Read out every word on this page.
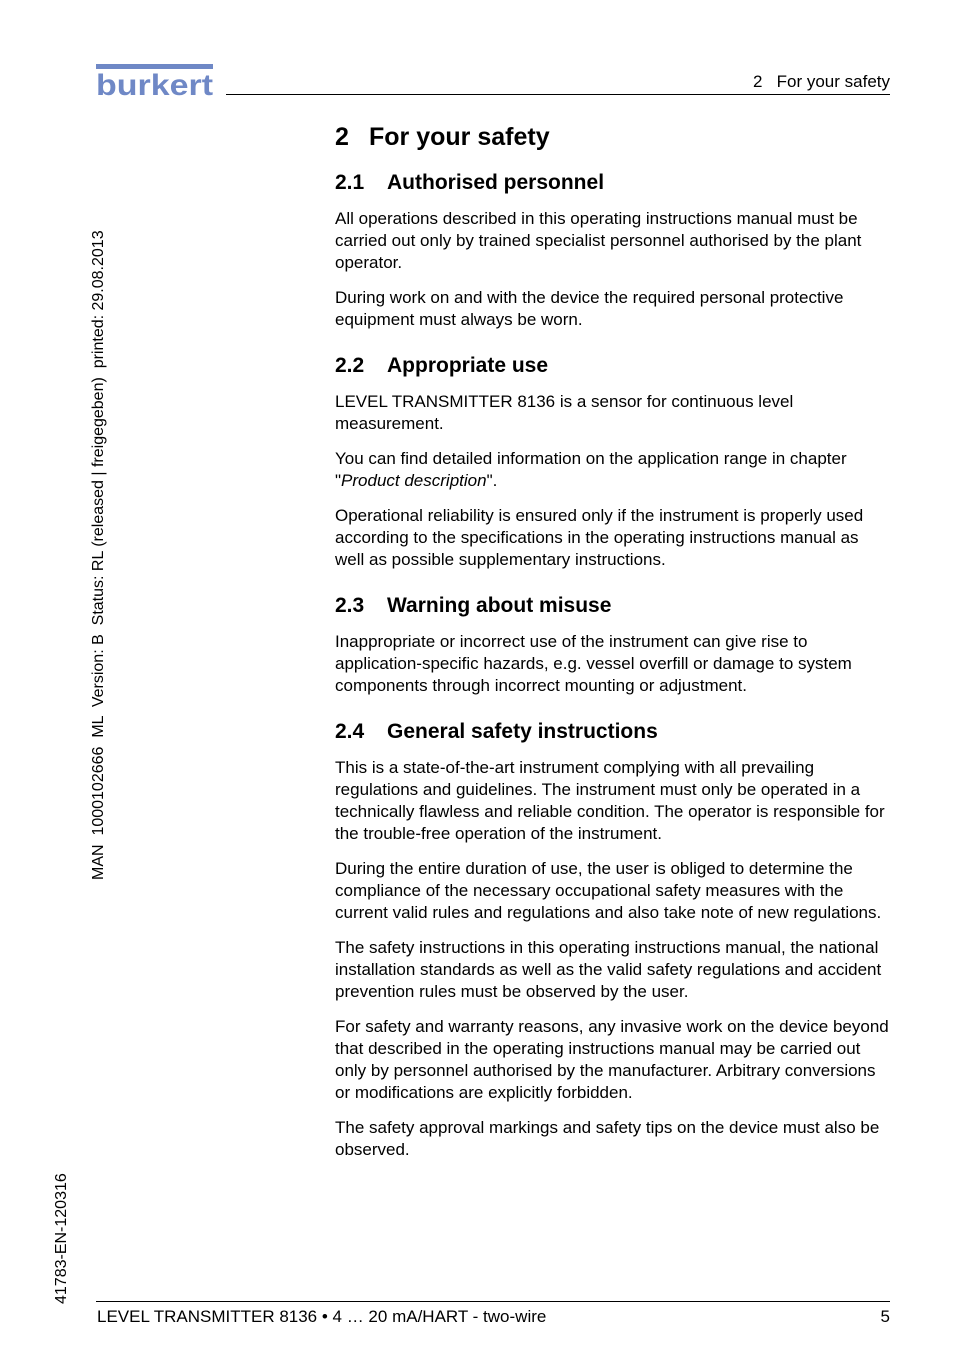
burkert	2   For your safety
MAN  1000102666  ML  Version: B  Status: RL (released | freigegeben)  printed: 29.08.2013
41783-EN-120316
2 For your safety
2.1 Authorised personnel

All operations described in this operating instructions manual must be carried out only by trained specialist personnel authorised by the plant operator.

During work on and with the device the required personal protective equipment must always be worn.

2.2 Appropriate use

LEVEL TRANSMITTER 8136 is a sensor for continuous level measurement.

You can find detailed information on the application range in chapter "Product description".

Operational reliability is ensured only if the instrument is properly used according to the specifications in the operating instructions manual as well as possible supplementary instructions.

2.3 Warning about misuse

Inappropriate or incorrect use of the instrument can give rise to application-specific hazards, e.g. vessel overfill or damage to system components through incorrect mounting or adjustment.

2.4 General safety instructions

This is a state-of-the-art instrument complying with all prevailing regulations and guidelines. The instrument must only be operated in a technically flawless and reliable condition. The operator is responsible for the trouble-free operation of the instrument.

During the entire duration of use, the user is obliged to determine the compliance of the necessary occupational safety measures with the current valid rules and regulations and also take note of new regulations.

The safety instructions in this operating instructions manual, the national installation standards as well as the valid safety regulations and accident prevention rules must be observed by the user.

For safety and warranty reasons, any invasive work on the device beyond that described in the operating instructions manual may be carried out only by personnel authorised by the manufacturer. Arbitrary conversions or modifications are explicitly forbidden.

The safety approval markings and safety tips on the device must also be observed.

LEVEL TRANSMITTER 8136 • 4 … 20 mA/HART - two-wire	5
